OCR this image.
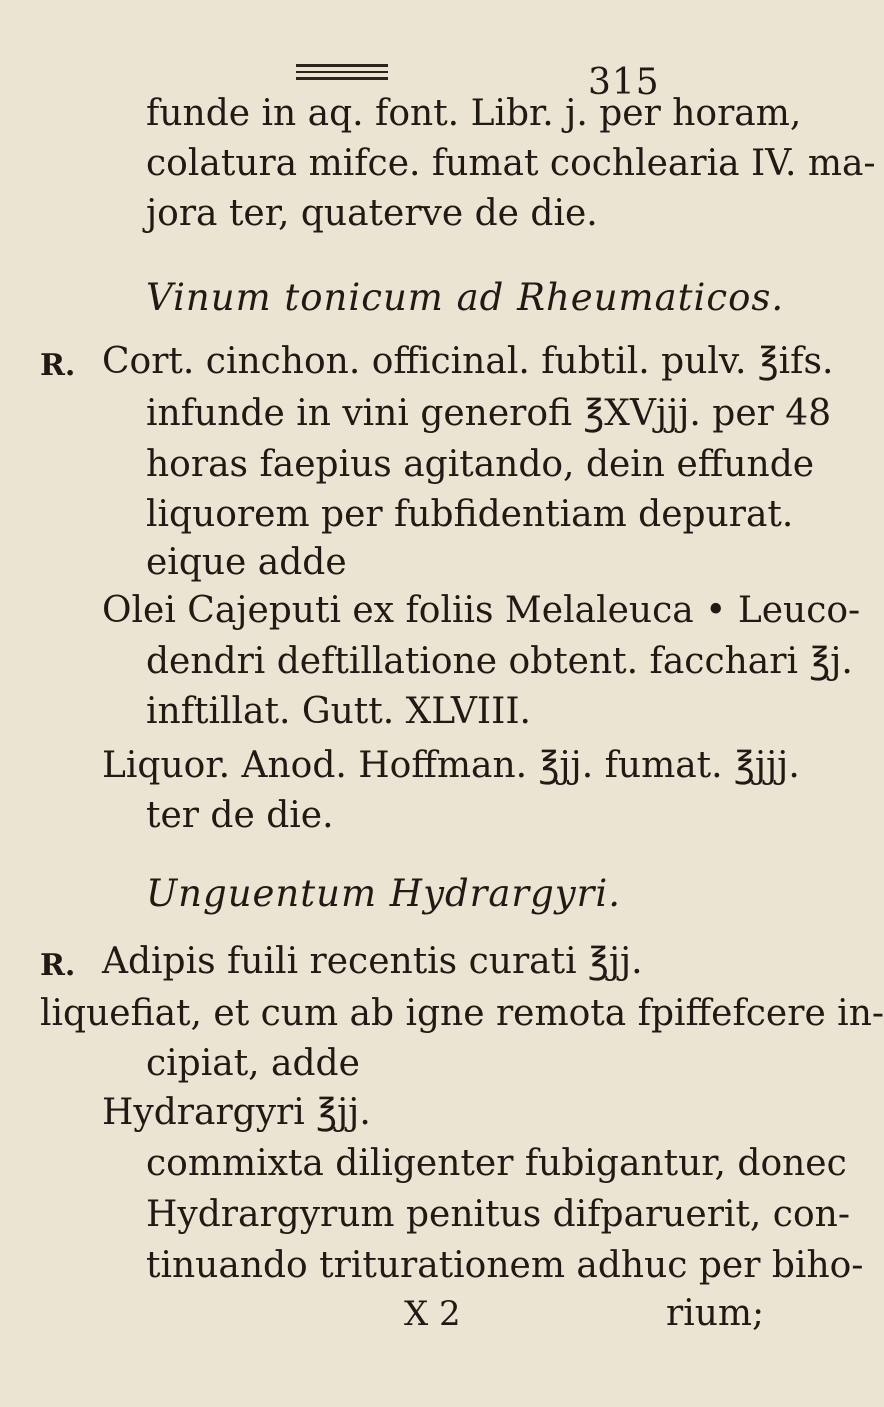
315
funde in aq. font. Libr. j. per horam,
colatura mifce. fumat cochlearia IV. ma-
jora ter, quaterve de die.
Vinum tonicum ad Rheumaticos.
R. Cort. cinchon. officinal. fubtil. pulv. ℥ifs.
infunde in vini generofi ℥XVjjj. per 48
horas faepius agitando, dein effunde
liquorem per fubfidentiam depurat.
eique adde
Olei Cajeputi ex foliis Melaleuca • Leuco-
dendri deftillatione obtent. facchari ℥j.
inftillat. Gutt. XLVIII.
Liquor. Anod. Hoffman. ℥jj. fumat. ℥jjj.
ter de die.
Unguentum Hydrargyri.
R. Adipis fuili recentis curati ℥jj.
liquefiat, et cum ab igne remota fpiffefcere in-
cipiat, adde
Hydrargyri ℥jj.
commixta diligenter fubigantur, donec
Hydrargyrum penitus difparuerit, con-
tinuando triturationem adhuc per biho-
X 2	rium;
